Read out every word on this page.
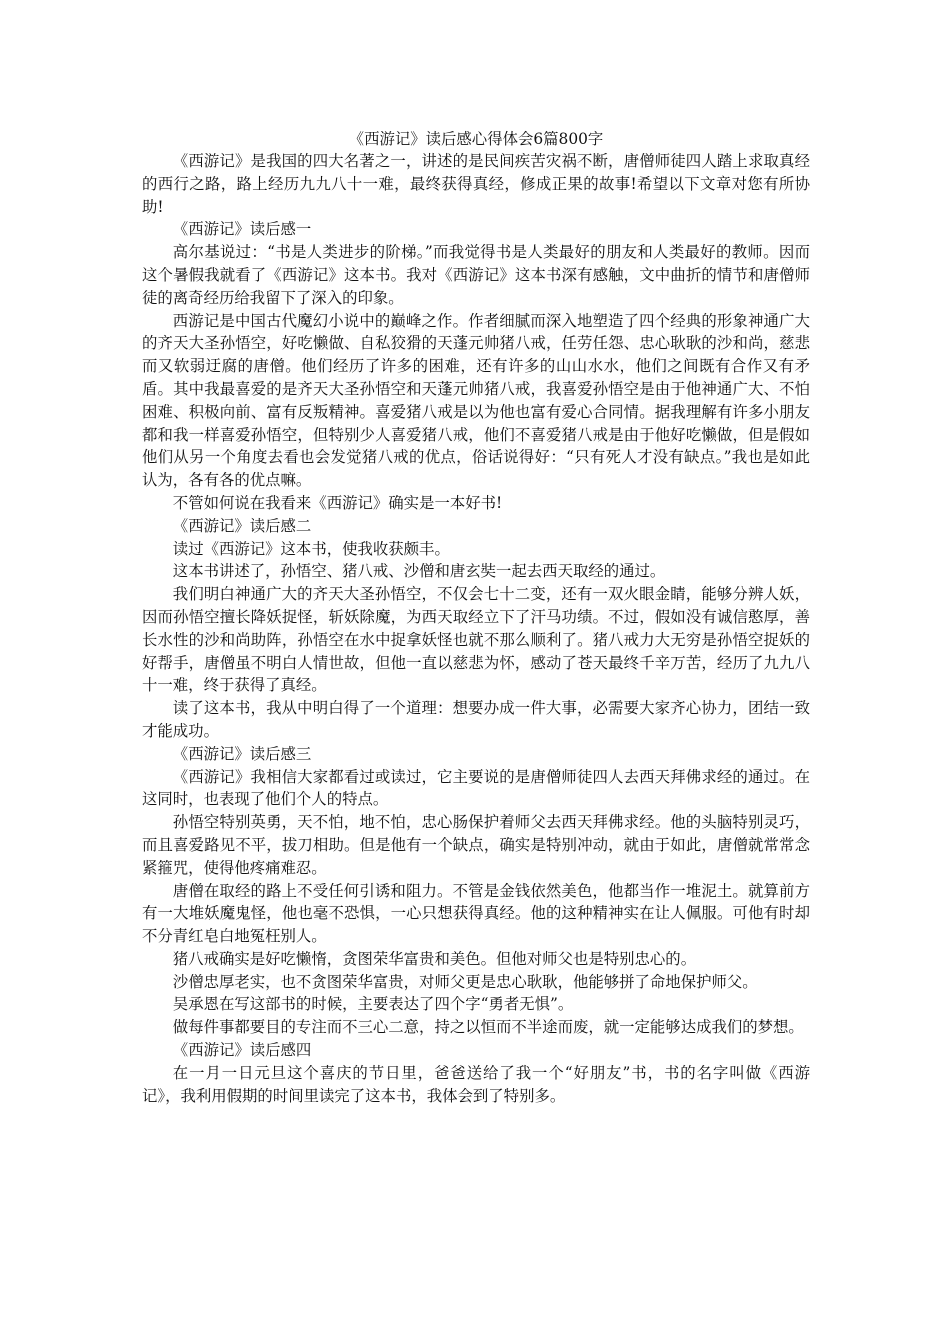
《西游记》读后感心得体会6篇800字

《西游记》是我国的四大名著之一，讲述的是民间疾苦灾祸不断，唐僧师徒四人踏上求取真经的西行之路，路上经历九九八十一难，最终获得真经，修成正果的故事!希望以下文章对您有所协助!

《西游记》读后感一

高尔基说过：“书是人类进步的阶梯。”而我觉得书是人类最好的朋友和人类最好的教师。因而这个暑假我就看了《西游记》这本书。我对《西游记》这本书深有感触，文中曲折的情节和唐僧师徒的离奇经历给我留下了深入的印象。

西游记是中国古代魔幻小说中的巅峰之作。作者细腻而深入地塑造了四个经典的形象神通广大的齐天大圣孙悟空，好吃懒做、自私狡猾的天蓬元帅猪八戒，任劳任怨、忠心耿耿的沙和尚，慈悲而又软弱迂腐的唐僧。他们经历了许多的困难，还有许多的山山水水，他们之间既有合作又有矛盾。其中我最喜爱的是齐天大圣孙悟空和天蓬元帅猪八戒，我喜爱孙悟空是由于他神通广大、不怕困难、积极向前、富有反叛精神。喜爱猪八戒是以为他也富有爱心合同情。据我理解有许多小朋友都和我一样喜爱孙悟空，但特别少人喜爱猪八戒，他们不喜爱猪八戒是由于他好吃懒做，但是假如他们从另一个角度去看也会发觉猪八戒的优点，俗话说得好：“只有死人才没有缺点。”我也是如此认为，各有各的优点嘛。

不管如何说在我看来《西游记》确实是一本好书!

《西游记》读后感二

读过《西游记》这本书，使我收获颇丰。

这本书讲述了，孙悟空、猪八戒、沙僧和唐玄奘一起去西天取经的通过。

我们明白神通广大的齐天大圣孙悟空，不仅会七十二变，还有一双火眼金睛，能够分辨人妖，因而孙悟空擅长降妖捉怪，斩妖除魔，为西天取经立下了汗马功绩。不过，假如没有诚信憨厚，善长水性的沙和尚助阵，孙悟空在水中捉拿妖怪也就不那么顺利了。猪八戒力大无穷是孙悟空捉妖的好帮手，唐僧虽不明白人情世故，但他一直以慈悲为怀，感动了苍天最终千辛万苦，经历了九九八十一难，终于获得了真经。

读了这本书，我从中明白得了一个道理：想要办成一件大事，必需要大家齐心协力，团结一致才能成功。

《西游记》读后感三

《西游记》我相信大家都看过或读过，它主要说的是唐僧师徒四人去西天拜佛求经的通过。在这同时，也表现了他们个人的特点。

孙悟空特别英勇，天不怕，地不怕，忠心肠保护着师父去西天拜佛求经。他的头脑特别灵巧，而且喜爱路见不平，拔刀相助。但是他有一个缺点，确实是特别冲动，就由于如此，唐僧就常常念紧箍咒，使得他疼痛难忍。

唐僧在取经的路上不受任何引诱和阻力。不管是金钱依然美色，他都当作一堆泥土。就算前方有一大堆妖魔鬼怪，他也毫不恐惧，一心只想获得真经。他的这种精神实在让人佩服。可他有时却不分青红皂白地冤枉别人。

猪八戒确实是好吃懒惰，贪图荣华富贵和美色。但他对师父也是特别忠心的。

沙僧忠厚老实，也不贪图荣华富贵，对师父更是忠心耿耿，他能够拼了命地保护师父。

吴承恩在写这部书的时候，主要表达了四个字“勇者无惧”。

做每件事都要目的专注而不三心二意，持之以恒而不半途而废，就一定能够达成我们的梦想。

《西游记》读后感四

在一月一日元旦这个喜庆的节日里，爸爸送给了我一个“好朋友”书，书的名字叫做《西游记》，我利用假期的时间里读完了这本书，我体会到了特别多。
